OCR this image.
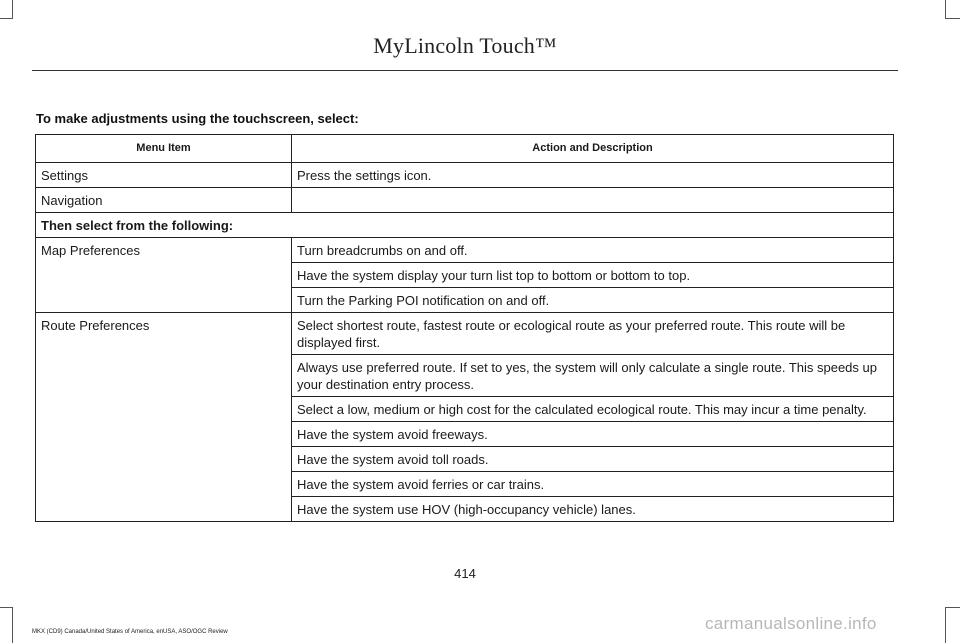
MyLincoln Touch™
To make adjustments using the touchscreen, select:
Menu Item	Action and Description
Settings	Press the settings icon.
Navigation	
Then select from the following:	
Map Preferences	Turn breadcrumbs on and off.
	Have the system display your turn list top to bottom or bottom to top.
	Turn the Parking POI notification on and off.
Route Preferences	Select shortest route, fastest route or ecological route as your preferred route. This route will be displayed first.
	Always use preferred route. If set to yes, the system will only calculate a single route. This speeds up your destination entry process.
	Select a low, medium or high cost for the calculated ecological route. This may incur a time penalty.
	Have the system avoid freeways.
	Have the system avoid toll roads.
	Have the system avoid ferries or car trains.
	Have the system use HOV (high-occupancy vehicle) lanes.
414
MKX (CD9) Canada/United States of America, enUSA, ASO/OGC Review	carmanualsonline.info
